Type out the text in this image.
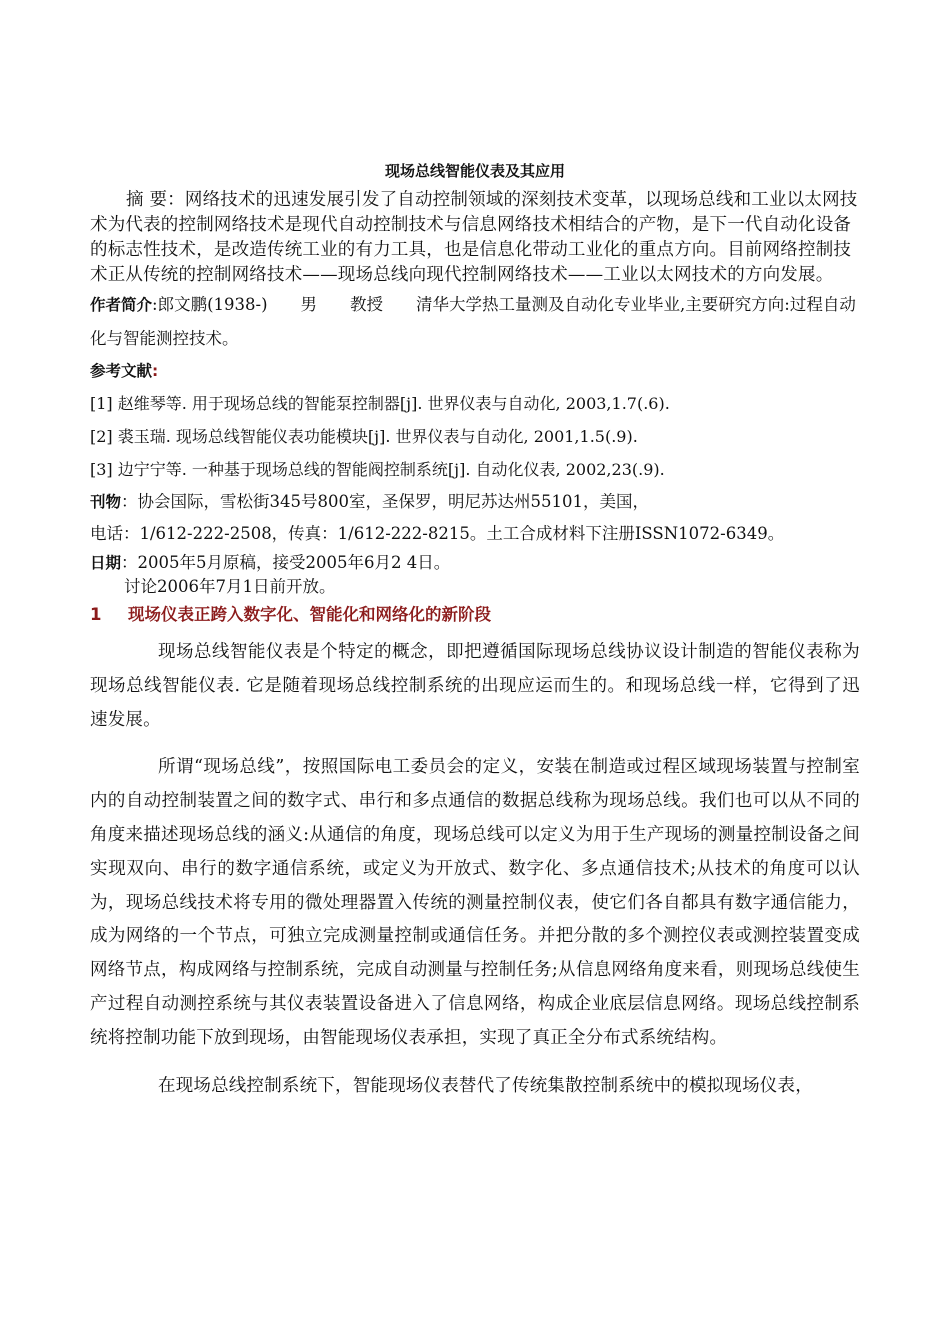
现场总线智能仪表及其应用

摘 要：网络技术的迅速发展引发了自动控制领域的深刻技术变革，以现场总线和工业以太网技术为代表的控制网络技术是现代自动控制技术与信息网络技术相结合的产物，是下一代自动化设备的标志性技术，是改造传统工业的有力工具，也是信息化带动工业化的重点方向。目前网络控制技术正从传统的控制网络技术——现场总线向现代控制网络技术——工业以太网技术的方向发展。

作者简介:郎文鹏(1938-)　　男　　教授　　清华大学热工量测及自动化专业毕业,主要研究方向:过程自动化与智能测控技术。

参考文献:

[1] 赵维琴等. 用于现场总线的智能泵控制器[j]. 世界仪表与自动化, 2003,1.7(.6).

[2] 裘玉瑞. 现场总线智能仪表功能模块[j]. 世界仪表与自动化, 2001,1.5(.9).

[3] 边宁宁等. 一种基于现场总线的智能阀控制系统[j]. 自动化仪表, 2002,23(.9).

刊物：协会国际，雪松街345号800室，圣保罗，明尼苏达州55101，美国，

电话：1/612-222-2508，传真：1/612-222-8215。土工合成材料下注册ISSN1072-6349。

日期：2005年5月原稿，接受2005年6月2 4日。

讨论2006年7月1日前开放。

1 现场仪表正跨入数字化、智能化和网络化的新阶段

现场总线智能仪表是个特定的概念，即把遵循国际现场总线协议设计制造的智能仪表称为现场总线智能仪表. 它是随着现场总线控制系统的出现应运而生的。和现场总线一样，它得到了迅速发展。

所谓“现场总线”，按照国际电工委员会的定义，安装在制造或过程区域现场装置与控制室内的自动控制装置之间的数字式、串行和多点通信的数据总线称为现场总线。我们也可以从不同的角度来描述现场总线的涵义:从通信的角度，现场总线可以定义为用于生产现场的测量控制设备之间实现双向、串行的数字通信系统，或定义为开放式、数字化、多点通信技术;从技术的角度可以认为，现场总线技术将专用的微处理器置入传统的测量控制仪表，使它们各自都具有数字通信能力，成为网络的一个节点，可独立完成测量控制或通信任务。并把分散的多个测控仪表或测控装置变成网络节点，构成网络与控制系统，完成自动测量与控制任务;从信息网络角度来看，则现场总线使生产过程自动测控系统与其仪表装置设备进入了信息网络，构成企业底层信息网络。现场总线控制系统将控制功能下放到现场，由智能现场仪表承担，实现了真正全分布式系统结构。

在现场总线控制系统下，智能现场仪表替代了传统集散控制系统中的模拟现场仪表，
